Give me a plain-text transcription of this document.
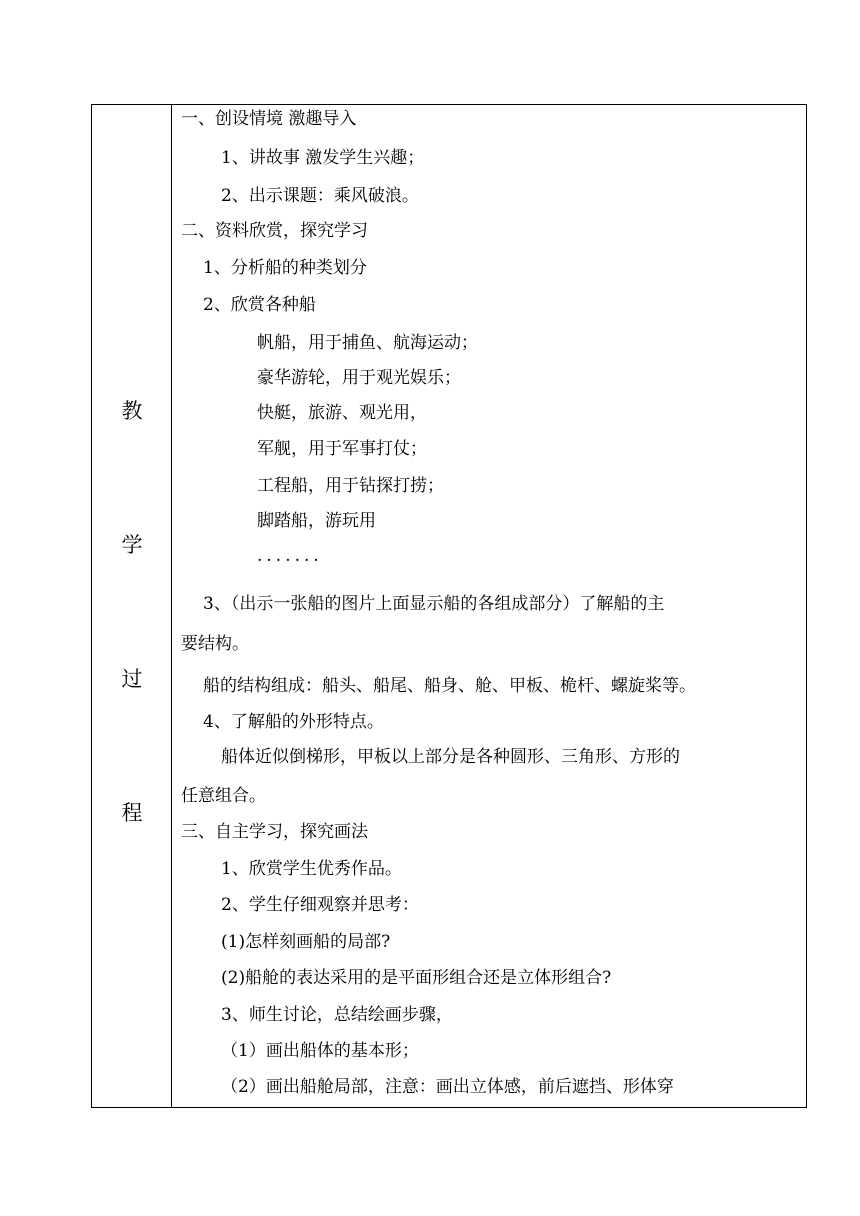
教
学
过
程
一、创设情境 激趣导入
1、讲故事 激发学生兴趣；
2、出示课题：乘风破浪。
二、资料欣赏，探究学习
1、分析船的种类划分
2、欣赏各种船
帆船，用于捕鱼、航海运动；
豪华游轮，用于观光娱乐；
快艇，旅游、观光用，
军舰，用于军事打仗；
工程船，用于钻探打捞；
脚踏船，游玩用
.......
3、（出示一张船的图片上面显示船的各组成部分）了解船的主
要结构。
船的结构组成：船头、船尾、船身、舱、甲板、桅杆、螺旋桨等。
4、了解船的外形特点。
船体近似倒梯形，甲板以上部分是各种圆形、三角形、方形的
任意组合。
三、自主学习，探究画法
1、欣赏学生优秀作品。
2、学生仔细观察并思考：
(1)怎样刻画船的局部?
(2)船舱的表达采用的是平面形组合还是立体形组合?
3、师生讨论，总结绘画步骤，
（1）画出船体的基本形；
（2）画出船舱局部，注意：画出立体感，前后遮挡、形体穿
